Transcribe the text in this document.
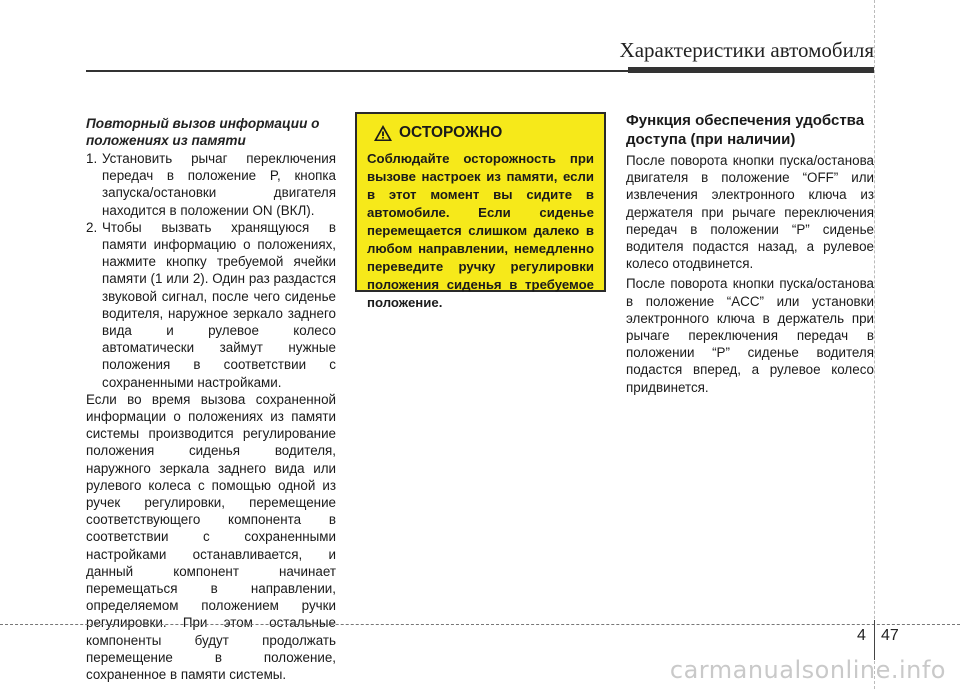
Характеристики автомобиля
Повторный вызов информации о положениях из памяти
1. Установить рычаг переключения передач в положение P, кнопка запуска/остановки двигателя находится в положении ON (ВКЛ).
2. Чтобы вызвать хранящуюся в памяти информацию о положениях, нажмите кнопку требуемой ячейки памяти (1 или 2). Один раз раздастся звуковой сигнал, после чего сиденье водителя, наружное зеркало заднего вида и рулевое колесо автоматически займут нужные положения в соответствии с сохраненными настройками.

Если во время вызова сохраненной информации о положениях из памяти системы производится регулирование положения сиденья водителя, наружного зеркала заднего вида или рулевого колеса с помощью одной из ручек регулировки, перемещение соответствующего компонента в соответствии с сохраненными настройками останавливается, и данный компонент начинает перемещаться в направлении, определяемом положением ручки регулировки. При этом остальные компоненты будут продолжать перемещение в положение, сохраненное в памяти системы.

ОСТОРОЖНО
Соблюдайте осторожность при вызове настроек из памяти, если в этот момент вы сидите в автомобиле. Если сиденье перемещается слишком далеко в любом направлении, немедленно переведите ручку регулировки положения сиденья в требуемое положение.
Функция обеспечения удобства доступа (при наличии)

После поворота кнопки пуска/останова двигателя в положение “OFF” или извлечения электронного ключа из держателя при рычаге переключения передач в положении “P” сиденье водителя подастся назад, а рулевое колесо отодвинется.

После поворота кнопки пуска/останова в положение “ACC” или установки электронного ключа в держатель при рычаге переключения передач в положении “P” сиденье водителя подастся вперед, а рулевое колесо придвинется.

4 47
carmanualsonline.info
